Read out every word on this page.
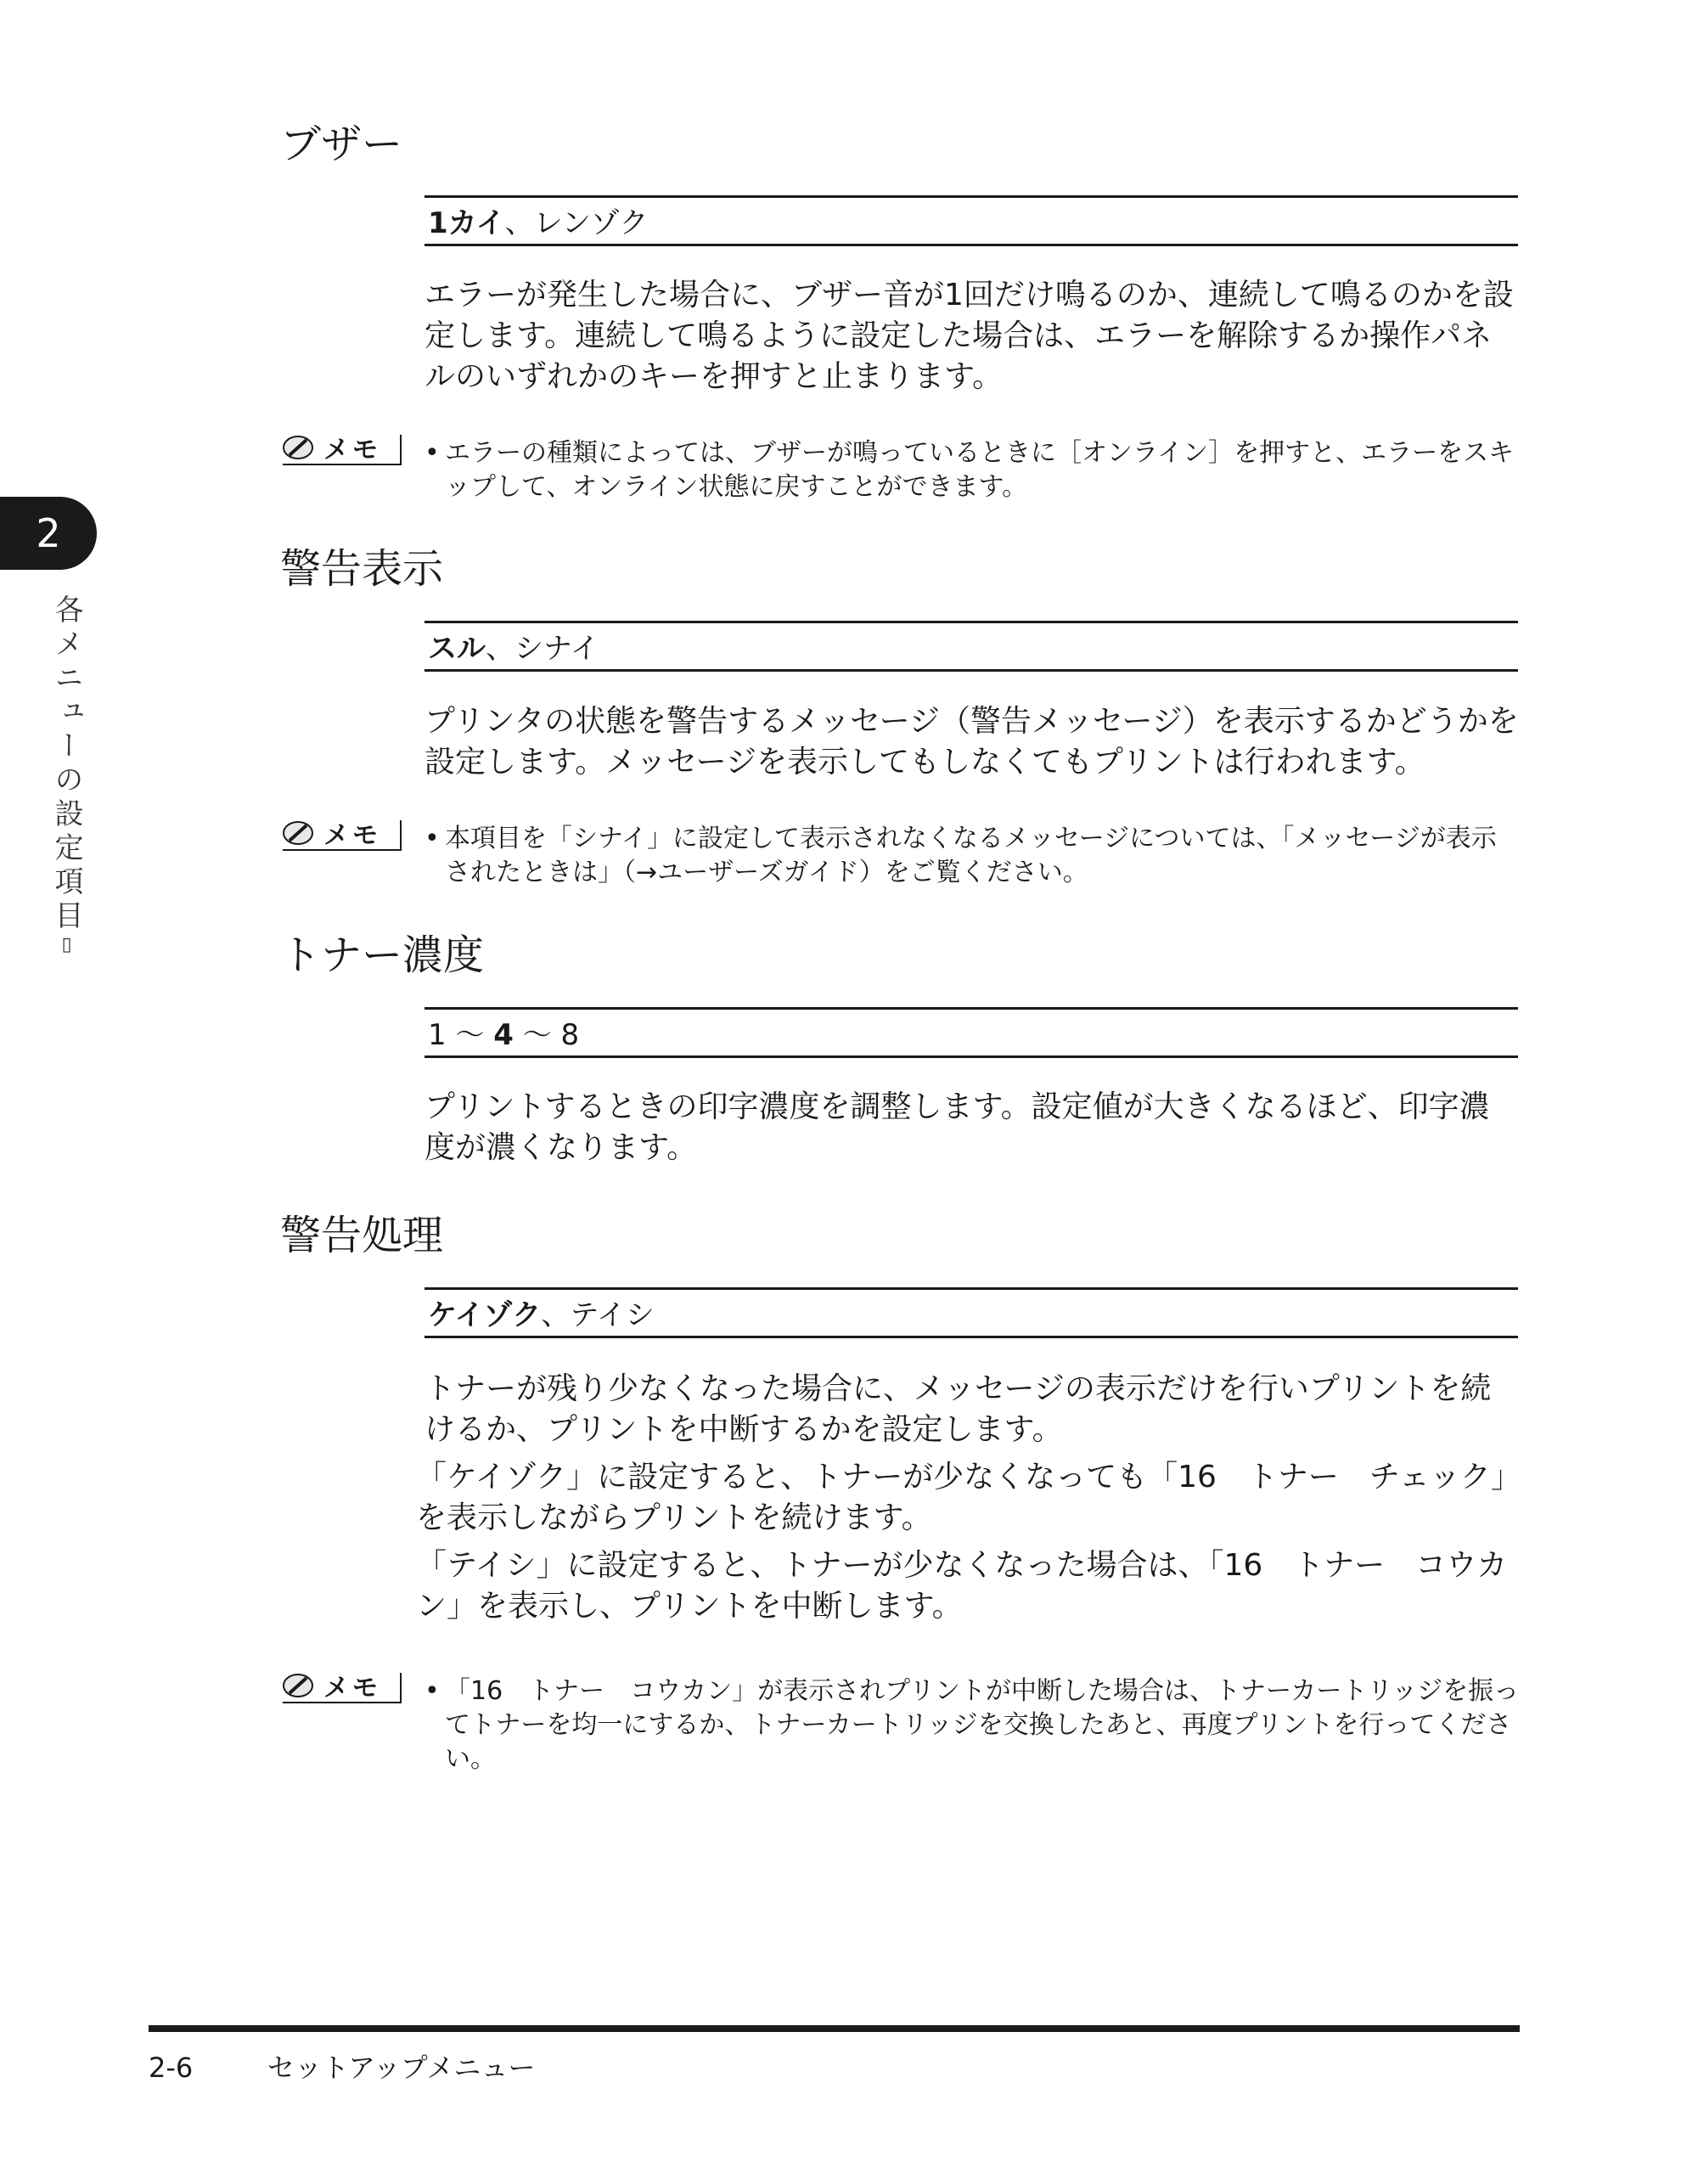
2
各メニューの設定項目▯
ブザー
1カイ、レンゾク

エラーが発生した場合に、ブザー音が1回だけ鳴るのか、連続して鳴るのかを設定します。連続して鳴るように設定した場合は、エラーを解除するか操作パネルのいずれかのキーを押すと止まります。

メモ	• エラーの種類によっては、ブザーが鳴っているときに［オンライン］を押すと、エラーをスキップして、オンライン状態に戻すことができます。
警告表示
スル、シナイ

プリンタの状態を警告するメッセージ（警告メッセージ）を表示するかどうかを設定します。メッセージを表示してもしなくてもプリントは行われます。

メモ	• 本項目を「シナイ」に設定して表示されなくなるメッセージについては、「メッセージが表示されたときは」（→ユーザーズガイド）をご覧ください。
トナー濃度
1 ～ 4 ～ 8

プリントするときの印字濃度を調整します。設定値が大きくなるほど、印字濃度が濃くなります。

警告処理
ケイゾク、テイシ

トナーが残り少なくなった場合に、メッセージの表示だけを行いプリントを続けるか、プリントを中断するかを設定します。

「ケイゾク」に設定すると、トナーが少なくなっても「16　トナー　チェック」を表示しながらプリントを続けます。

「テイシ」に設定すると、トナーが少なくなった場合は、「16　トナー　コウカン」を表示し、プリントを中断します。

メモ	• 「16　トナー　コウカン」が表示されプリントが中断した場合は、トナーカートリッジを振ってトナーを均一にするか、トナーカートリッジを交換したあと、再度プリントを行ってください。
2-6	セットアップメニュー
